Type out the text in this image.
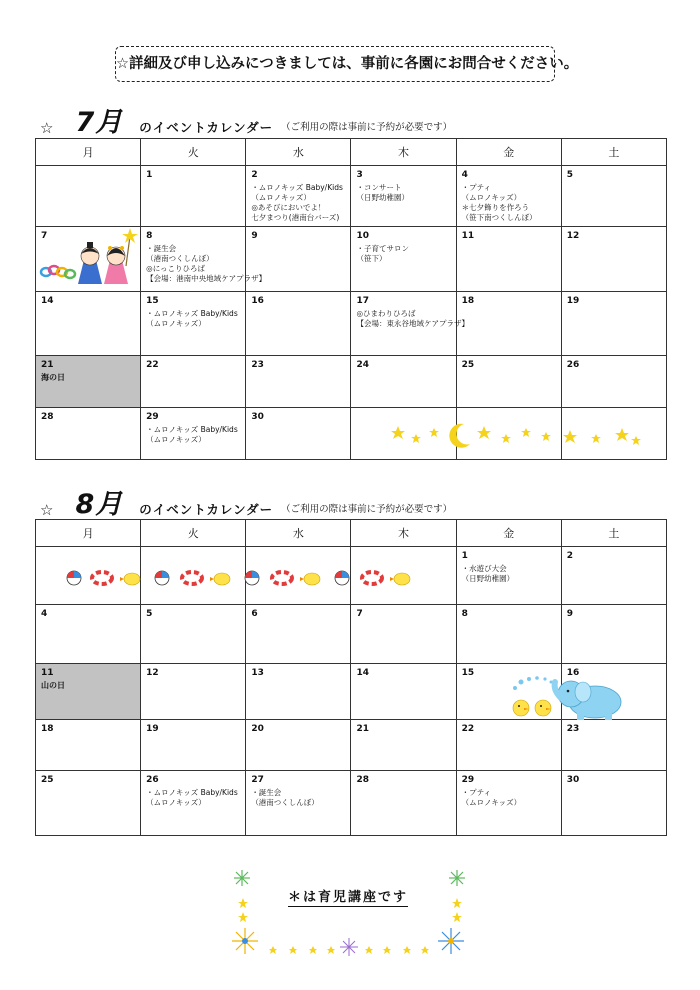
☆詳細及び申し込みにつきましては、事前に各園にお問合せください。
☆ 7月 のイベントカレンダー （ご利用の際は事前に予約が必要です）
月	火	水	木	金	土

	1	2
・ムロノキッズ Baby/Kids
（ムロノキッズ）
◎あそびにおいでよ！
七夕まつり(港南台バーズ)	3
・コンサート
（日野幼稚園）	4
・プティ
（ムロノキッズ）
＊七夕飾りを作ろう
（笹下南つくしんぼ）	5

7	8
・誕生会
（港南つくしんぼ）
◎にっこりひろば
【会場：港南中央地域ケアプラザ】	9	10
・子育てサロン
（笹下）	11	12

14	15
・ムロノキッズ Baby/Kids
（ムロノキッズ）	16	17
◎ひまわりひろば
【会場：東永谷地域ケアプラザ】	18	19

21
海の日	22	23	24	25	26

28	29
・ムロノキッズ Baby/Kids
（ムロノキッズ）	30			

☆ 8月 のイベントカレンダー （ご利用の際は事前に予約が必要です）
月	火	水	木	金	土

				1
・水遊び大会
（日野幼稚園）	2

4	5	6	7	8	9

11
山の日	12	13	14	15	16

18	19	20	21	22	23

25	26
・ムロノキッズ Baby/Kids
（ムロノキッズ）	27
・誕生会
（港南つくしんぼ）	28	29
・プティ
（ムロノキッズ）	30
＊は育児講座です
